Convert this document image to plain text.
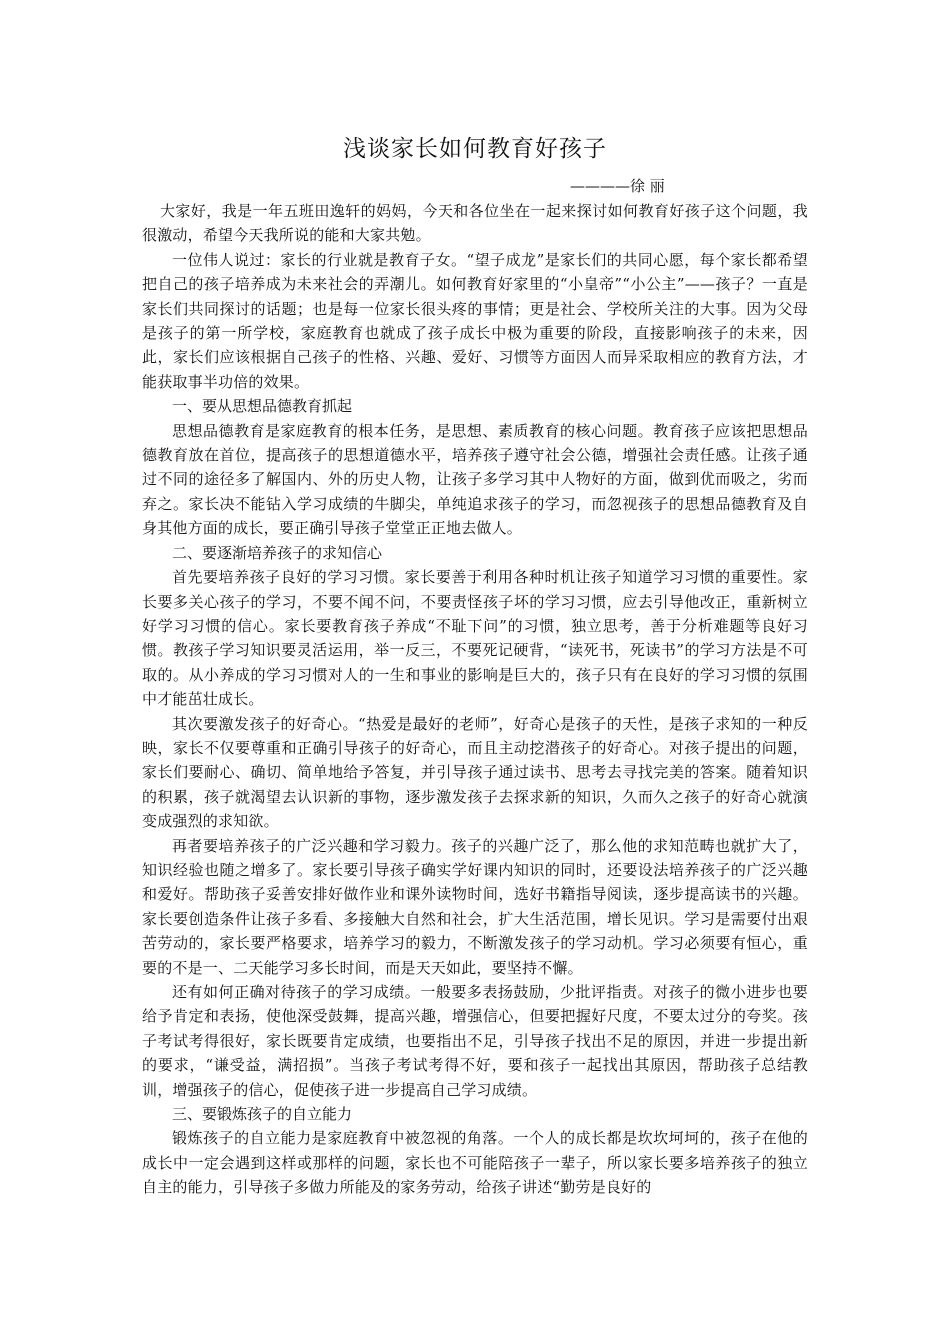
浅谈家长如何教育好孩子

————徐 丽

大家好，我是一年五班田逸轩的妈妈，今天和各位坐在一起来探讨如何教育好孩子这个问题，我很激动，希望今天我所说的能和大家共勉。

一位伟人说过：家长的行业就是教育子女。“望子成龙”是家长们的共同心愿，每个家长都希望把自己的孩子培养成为未来社会的弄潮儿。如何教育好家里的“小皇帝”“小公主”——孩子？一直是家长们共同探讨的话题；也是每一位家长很头疼的事情；更是社会、学校所关注的大事。因为父母是孩子的第一所学校，家庭教育也就成了孩子成长中极为重要的阶段，直接影响孩子的未来，因此，家长们应该根据自己孩子的性格、兴趣、爱好、习惯等方面因人而异采取相应的教育方法，才能获取事半功倍的效果。

一、要从思想品德教育抓起

思想品德教育是家庭教育的根本任务，是思想、素质教育的核心问题。教育孩子应该把思想品德教育放在首位，提高孩子的思想道德水平，培养孩子遵守社会公德，增强社会责任感。让孩子通过不同的途径多了解国内、外的历史人物，让孩子多学习其中人物好的方面，做到优而吸之，劣而弃之。家长决不能钻入学习成绩的牛脚尖，单纯追求孩子的学习，而忽视孩子的思想品德教育及自身其他方面的成长，要正确引导孩子堂堂正正地去做人。

二、要逐渐培养孩子的求知信心

首先要培养孩子良好的学习习惯。家长要善于利用各种时机让孩子知道学习习惯的重要性。家长要多关心孩子的学习，不要不闻不问，不要责怪孩子坏的学习习惯，应去引导他改正，重新树立好学习习惯的信心。家长要教育孩子养成“不耻下问”的习惯，独立思考，善于分析难题等良好习惯。教孩子学习知识要灵活运用，举一反三，不要死记硬背，“读死书，死读书”的学习方法是不可取的。从小养成的学习习惯对人的一生和事业的影响是巨大的，孩子只有在良好的学习习惯的氛围中才能茁壮成长。

其次要激发孩子的好奇心。“热爱是最好的老师”，好奇心是孩子的天性，是孩子求知的一种反映，家长不仅要尊重和正确引导孩子的好奇心，而且主动挖潜孩子的好奇心。对孩子提出的问题，家长们要耐心、确切、简单地给予答复，并引导孩子通过读书、思考去寻找完美的答案。随着知识的积累，孩子就渴望去认识新的事物，逐步激发孩子去探求新的知识，久而久之孩子的好奇心就演变成强烈的求知欲。

再者要培养孩子的广泛兴趣和学习毅力。孩子的兴趣广泛了，那么他的求知范畴也就扩大了，知识经验也随之增多了。家长要引导孩子确实学好课内知识的同时，还要设法培养孩子的广泛兴趣和爱好。帮助孩子妥善安排好做作业和课外读物时间，选好书籍指导阅读，逐步提高读书的兴趣。家长要创造条件让孩子多看、多接触大自然和社会，扩大生活范围，增长见识。学习是需要付出艰苦劳动的，家长要严格要求，培养学习的毅力，不断激发孩子的学习动机。学习必须要有恒心，重要的不是一、二天能学习多长时间，而是天天如此，要坚持不懈。

还有如何正确对待孩子的学习成绩。一般要多表扬鼓励，少批评指责。对孩子的微小进步也要给予肯定和表扬，使他深受鼓舞，提高兴趣，增强信心，但要把握好尺度，不要太过分的夸奖。孩子考试考得很好，家长既要肯定成绩，也要指出不足，引导孩子找出不足的原因，并进一步提出新的要求，“谦受益，满招损”。当孩子考试考得不好，要和孩子一起找出其原因，帮助孩子总结教训，增强孩子的信心，促使孩子进一步提高自己学习成绩。

三、要锻炼孩子的自立能力

锻炼孩子的自立能力是家庭教育中被忽视的角落。一个人的成长都是坎坎坷坷的，孩子在他的成长中一定会遇到这样或那样的问题，家长也不可能陪孩子一辈子，所以家长要多培养孩子的独立自主的能力，引导孩子多做力所能及的家务劳动，给孩子讲述“勤劳是良好的
